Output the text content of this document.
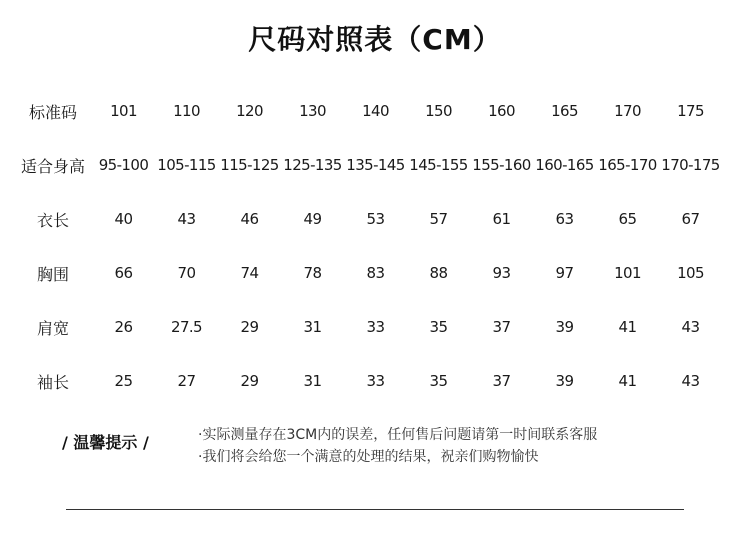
尺码对照表（CM）
标准码	101	110	120	130	140	150	160	165	170	175
适合身高	95-100	105-115	115-125	125-135	135-145	145-155	155-160	160-165	165-170	170-175
衣长	40	43	46	49	53	57	61	63	65	67
胸围	66	70	74	78	83	88	93	97	101	105
肩宽	26	27.5	29	31	33	35	37	39	41	43
袖长	25	27	29	31	33	35	37	39	41	43
/ 温馨提示 /	·实际测量存在3CM内的误差，任何售后问题请第一时间联系客服
·我们将会给您一个满意的处理的结果，祝亲们购物愉快
